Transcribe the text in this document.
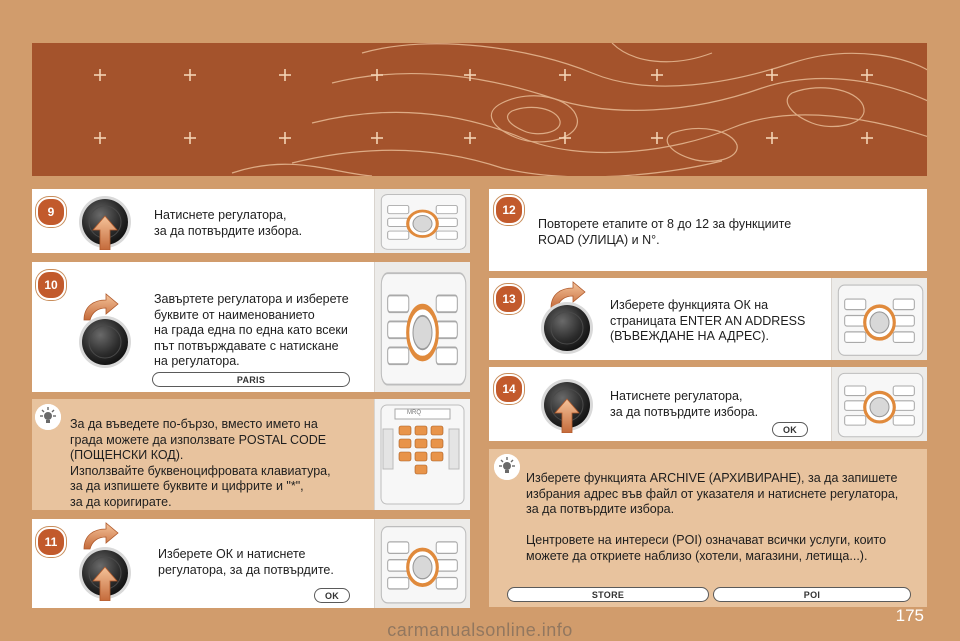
9	Натиснете регулатора,
за да потвърдите избора.
10
Завъртете регулатора и изберете
буквите от наименованието
на града една по една като всеки
път потвърждавате с натискане
на регулатора.
PARIS
За да въведете по-бързо, вместо името на
града можете да използвате POSTAL CODE
(ПОЩЕНСКИ КОД).
Използвайте буквеноцифровата клавиатура,
за да изпишете буквите и цифрите и "*",
за да коригирате.
MRQ
11
Изберете ОК и натиснете
регулатора, за да потвърдите.
OK
12
Повторете етапите от 8 до 12 за функциите
ROAD (УЛИЦА) и N°.
13	Изберете функцията ОК на
страницата ENTER AN ADDRESS
(ВЪВЕЖДАНЕ НА АДРЕС).
14	Натиснете регулатора,
за да потвърдите избора.
OK
Изберете функцията ARCHIVE (АРХИВИРАНЕ), за да запишете
избрания адрес във файл от указателя и натиснете регулатора,
за да потвърдите избора.

Центровете на интереси (POI) означават всички услуги, които
можете да откриете наблизо (хотели, магазини, летища...).
STORE	POI
175
carmanualsonline.info
